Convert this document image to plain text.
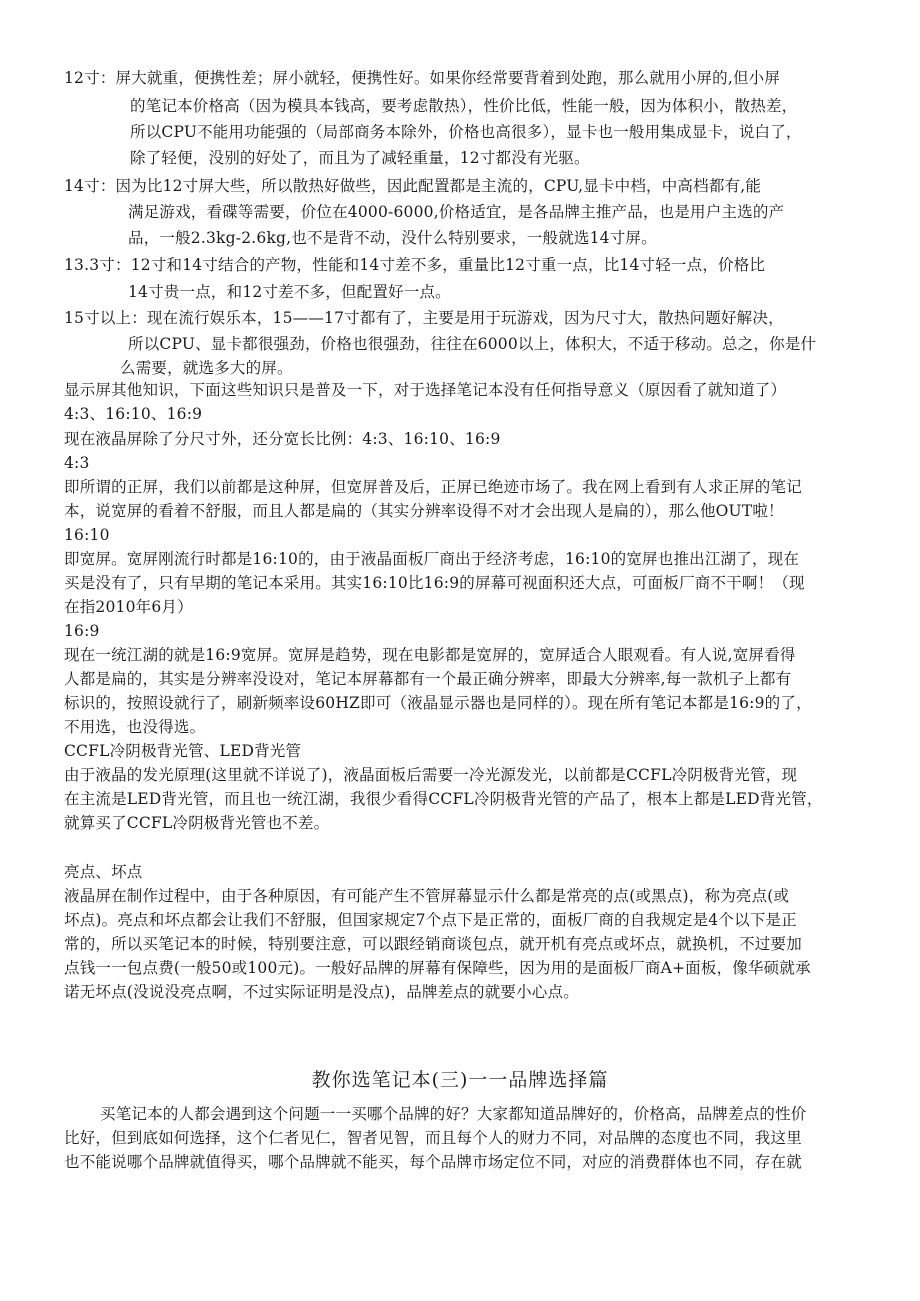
12寸：屏大就重，便携性差；屏小就轻，便携性好。如果你经常要背着到处跑，那么就用小屏的,但小屏
的笔记本价格高（因为模具本钱高，要考虑散热），性价比低，性能一般，因为体积小，散热差，
所以CPU不能用功能强的（局部商务本除外，价格也高很多），显卡也一般用集成显卡，说白了，
除了轻便，没别的好处了，而且为了减轻重量，12寸都没有光驱。
14寸：因为比12寸屏大些，所以散热好做些，因此配置都是主流的，CPU,显卡中档，中高档都有,能
满足游戏，看碟等需要，价位在4000-6000,价格适宜，是各品牌主推产品，也是用户主选的产
品，一般2.3kg-2.6kg,也不是背不动，没什么特别要求，一般就选14寸屏。
13.3寸：12寸和14寸结合的产物，性能和14寸差不多，重量比12寸重一点，比14寸轻一点，价格比
14寸贵一点，和12寸差不多，但配置好一点。
15寸以上：现在流行娱乐本，15——17寸都有了，主要是用于玩游戏，因为尺寸大，散热问题好解决，
所以CPU、显卡都很强劲，价格也很强劲，往往在6000以上，体积大，不适于移动。总之，你是什
么需要，就选多大的屏。
显示屏其他知识，下面这些知识只是普及一下，对于选择笔记本没有任何指导意义（原因看了就知道了）
4:3、16:10、16:9
现在液晶屏除了分尺寸外，还分宽长比例：4:3、16:10、16:9
4:3
即所谓的正屏，我们以前都是这种屏，但宽屏普及后，正屏已绝迹市场了。我在网上看到有人求正屏的笔记
本，说宽屏的看着不舒服，而且人都是扁的（其实分辨率设得不对才会出现人是扁的），那么他OUT啦！
16:10
即宽屏。宽屏刚流行时都是16:10的，由于液晶面板厂商出于经济考虑，16:10的宽屏也推出江湖了，现在
买是没有了，只有早期的笔记本采用。其实16:10比16:9的屏幕可视面积还大点，可面板厂商不干啊！（现
在指2010年6月）
16:9
现在一统江湖的就是16:9宽屏。宽屏是趋势，现在电影都是宽屏的，宽屏适合人眼观看。有人说,宽屏看得
人都是扁的，其实是分辨率没设对，笔记本屏幕都有一个最正确分辨率，即最大分辨率,每一款机子上都有
标识的，按照设就行了，刷新频率设60HZ即可（液晶显示器也是同样的）。现在所有笔记本都是16:9的了，
不用选，也没得选。
CCFL冷阴极背光管、LED背光管
由于液晶的发光原理(这里就不详说了)，液晶面板后需要一冷光源发光，以前都是CCFL冷阴极背光管，现
在主流是LED背光管，而且也一统江湖，我很少看得CCFL冷阴极背光管的产品了，根本上都是LED背光管，
就算买了CCFL冷阴极背光管也不差。
亮点、坏点
液晶屏在制作过程中，由于各种原因，有可能产生不管屏幕显示什么都是常亮的点(或黑点)，称为亮点(或
坏点)。亮点和坏点都会让我们不舒服，但国家规定7个点下是正常的，面板厂商的自我规定是4个以下是正
常的，所以买笔记本的时候，特别要注意，可以跟经销商谈包点，就开机有亮点或坏点，就换机，不过要加
点钱一一包点费(一般50或100元)。一般好品牌的屏幕有保障些，因为用的是面板厂商A+面板，像华硕就承
诺无坏点(没说没亮点啊，不过实际证明是没点)，品牌差点的就要小心点。
教你选笔记本(三)一一品牌选择篇
买笔记本的人都会遇到这个问题一一买哪个品牌的好？大家都知道品牌好的，价格高，品牌差点的性价
比好，但到底如何选择，这个仁者见仁，智者见智，而且每个人的财力不同，对品牌的态度也不同，我这里
也不能说哪个品牌就值得买，哪个品牌就不能买，每个品牌市场定位不同，对应的消费群体也不同，存在就
